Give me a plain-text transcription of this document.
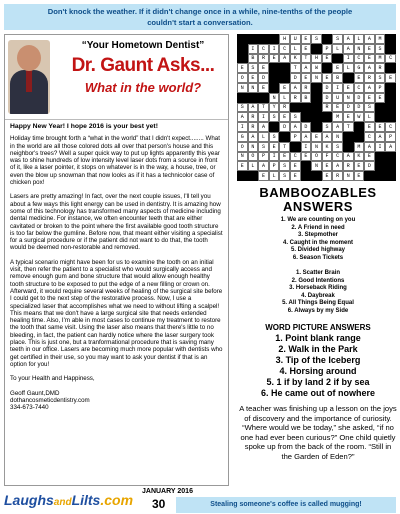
Don't knock the weather. If it didn't change once in a while, nine-tenths of the people
couldn't start a conversation.
“Your Hometown Dentist”
Dr. Gaunt Asks...
What in the world?

Happy New Year! I hope 2016 is your best yet!

Holiday time brought forth a “what in the world” that I didn't expect........ What in the world are all those colored dots all over that person's house and this neighbor's trees? Well a super quick way to put up lights apparently this year was to shine hundreds of low intensity level laser dots from a source in front of it, like a laser pointer, it stops on whatever is in the way, a house, tree, or even the blow up snowman that now looks as if it has a technicolor case of chicken pox!

Lasers are pretty amazing! In fact, over the next couple issues, I'll tell you about a few ways this light energy can be used in dentistry. It is amazing how some of this technology has transformed many aspects of medicine including dental medicine. For instance, we often encounter teeth that are either cavitated or broken to the point where the first available good tooth structure is too far below the gumline. Before now, that meant either visiting a specialist for a surgical procedure or if the patient did not want to do that, the tooth would be deemed non-restorable and removed.

A typical scenario might have been for us to examine the tooth on an initial visit, then refer the patient to a specialist who would surgically access and remove enough gum and bone structure that would allow enough healthy tooth structure to be exposed to put the edge of a new filling or crown on. Afterward, it would require several weeks of healing of the surgical site before I could get to the next step of the restorative process. Now, I use a specialized laser that accomplishes what we need to without lifting a scalpel! This means that we don't have a large surgical site that needs extended healing time. Also, I'm able in most cases to continue my treatment to restore the tooth that same visit. Using the laser also means that there's little to no bleeding, in fact, the patient can hardly notice where the laser surgery took place. This is just one, but a tranformational procedure that is saving many teeth in our office. Lasers are becoming much more popular with dentists who get certified in their use, so you may want to ask your dentist if that is an option for you!

To your Health and Happiness,

Geoff Gaunt,DMD
dothancosmeticdentistry.com
334-673-7440
H	U	E	S	S	A	L	A	M
I	C	I	C	L	E	P	L	A	N	E	S
B	R	E	A	K	T	H	E	I	C	E	M	C
E	S	E	T	A	W	E	L	G	A	R
O	E	D	D	E	N	E	B	E	R	S	E
N	N	E	E	A	R	D	I	E	C	A	P
N	L	R	B	D	U	N	D	E	E
S	A	T	Y	R	R	E	D	D	S
A	R	I	S	E	S	M	E	W	L
I	R	A	D	A	D	S	A	T	E	E	C
G	A	L	S	P	A	E	A	N	C	A	P
O	N	S	E	T	I	N	K	S	M	A	I	A
N	O	P	I	E	C	E	O	F	C	A	K	E
E	L	A	P	S	E	N	E	A	R	E	D
E	L	S	E	E	R	N	E
BAMBOOZABLES
ANSWERS
1. We are counting on you
2. A Friend in need
3. Stepmother
4. Caught in the moment
5. Divided highway
6. Season Tickets
1. Scatter Brain
2. Good Intentions
3. Horseback Riding
4. Daybreak
5. All Things Being Equal
6. Always by my Side
WORD PICTURE ANSWERS
1. Point blank range
2. Walk in the Park
3. Tip of the Iceberg
4. Horsing around
5. 1 if by land 2 if by sea
6. He came out of nowhere
A teacher was finishing up a lesson on the joys of discovery and the importance of curiosity. “Where would we be today,” she asked, “if no one had ever been curious?” One child quietly spoke up from the back of the room. “Still in the Garden of Eden?”
LaughsandLilts.com
JANUARY 2016
30	Stealing someone's coffee is called mugging!
